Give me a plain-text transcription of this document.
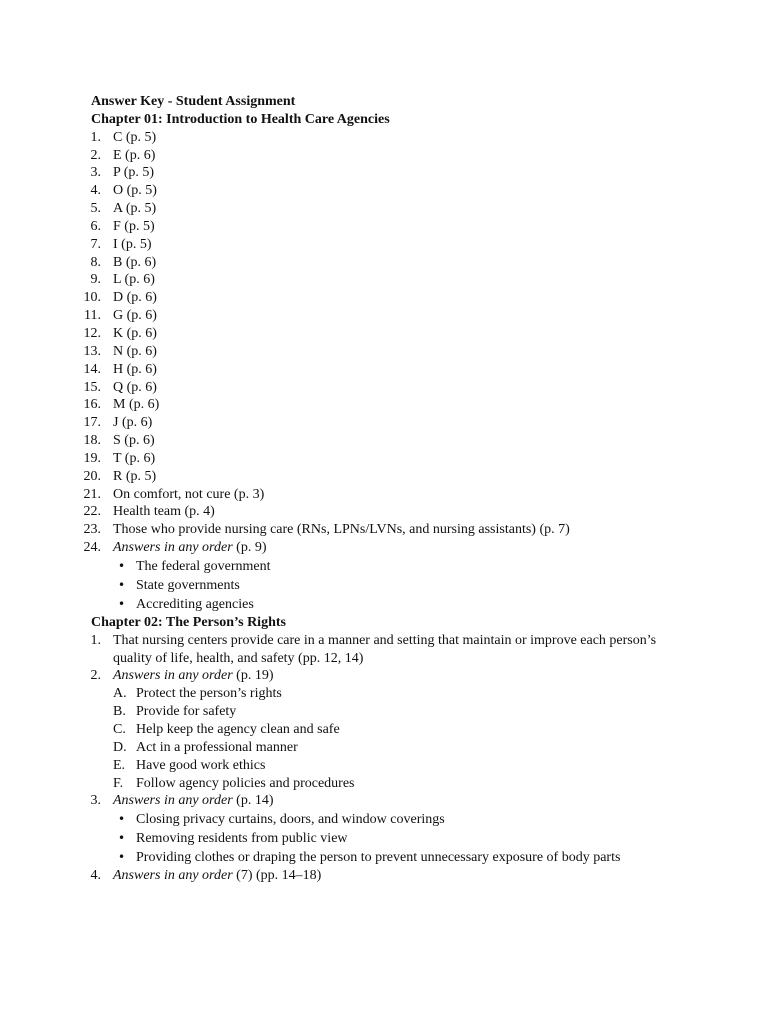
Answer Key - Student Assignment
Chapter 01: Introduction to Health Care Agencies
1. C (p. 5)
2. E (p. 6)
3. P (p. 5)
4. O (p. 5)
5. A (p. 5)
6. F (p. 5)
7. I (p. 5)
8. B (p. 6)
9. L (p. 6)
10. D (p. 6)
11. G (p. 6)
12. K (p. 6)
13. N (p. 6)
14. H (p. 6)
15. Q (p. 6)
16. M (p. 6)
17. J (p. 6)
18. S (p. 6)
19. T (p. 6)
20. R (p. 5)
21. On comfort, not cure (p. 3)
22. Health team (p. 4)
23. Those who provide nursing care (RNs, LPNs/LVNs, and nursing assistants) (p. 7)
24. Answers in any order (p. 9)
•
The federal government
•
State governments
•
Accrediting agencies
Chapter 02: The Person’s Rights
1. That nursing centers provide care in a manner and setting that maintain or improve each person’s quality of life, health, and safety (pp. 12, 14)
2. Answers in any order (p. 19)
A. Protect the person’s rights
B. Provide for safety
C. Help keep the agency clean and safe
D. Act in a professional manner
E. Have good work ethics
F. Follow agency policies and procedures
3. Answers in any order (p. 14)
•
Closing privacy curtains, doors, and window coverings
•
Removing residents from public view
•
Providing clothes or draping the person to prevent unnecessary exposure of body parts
4. Answers in any order (7) (pp. 14–18)
